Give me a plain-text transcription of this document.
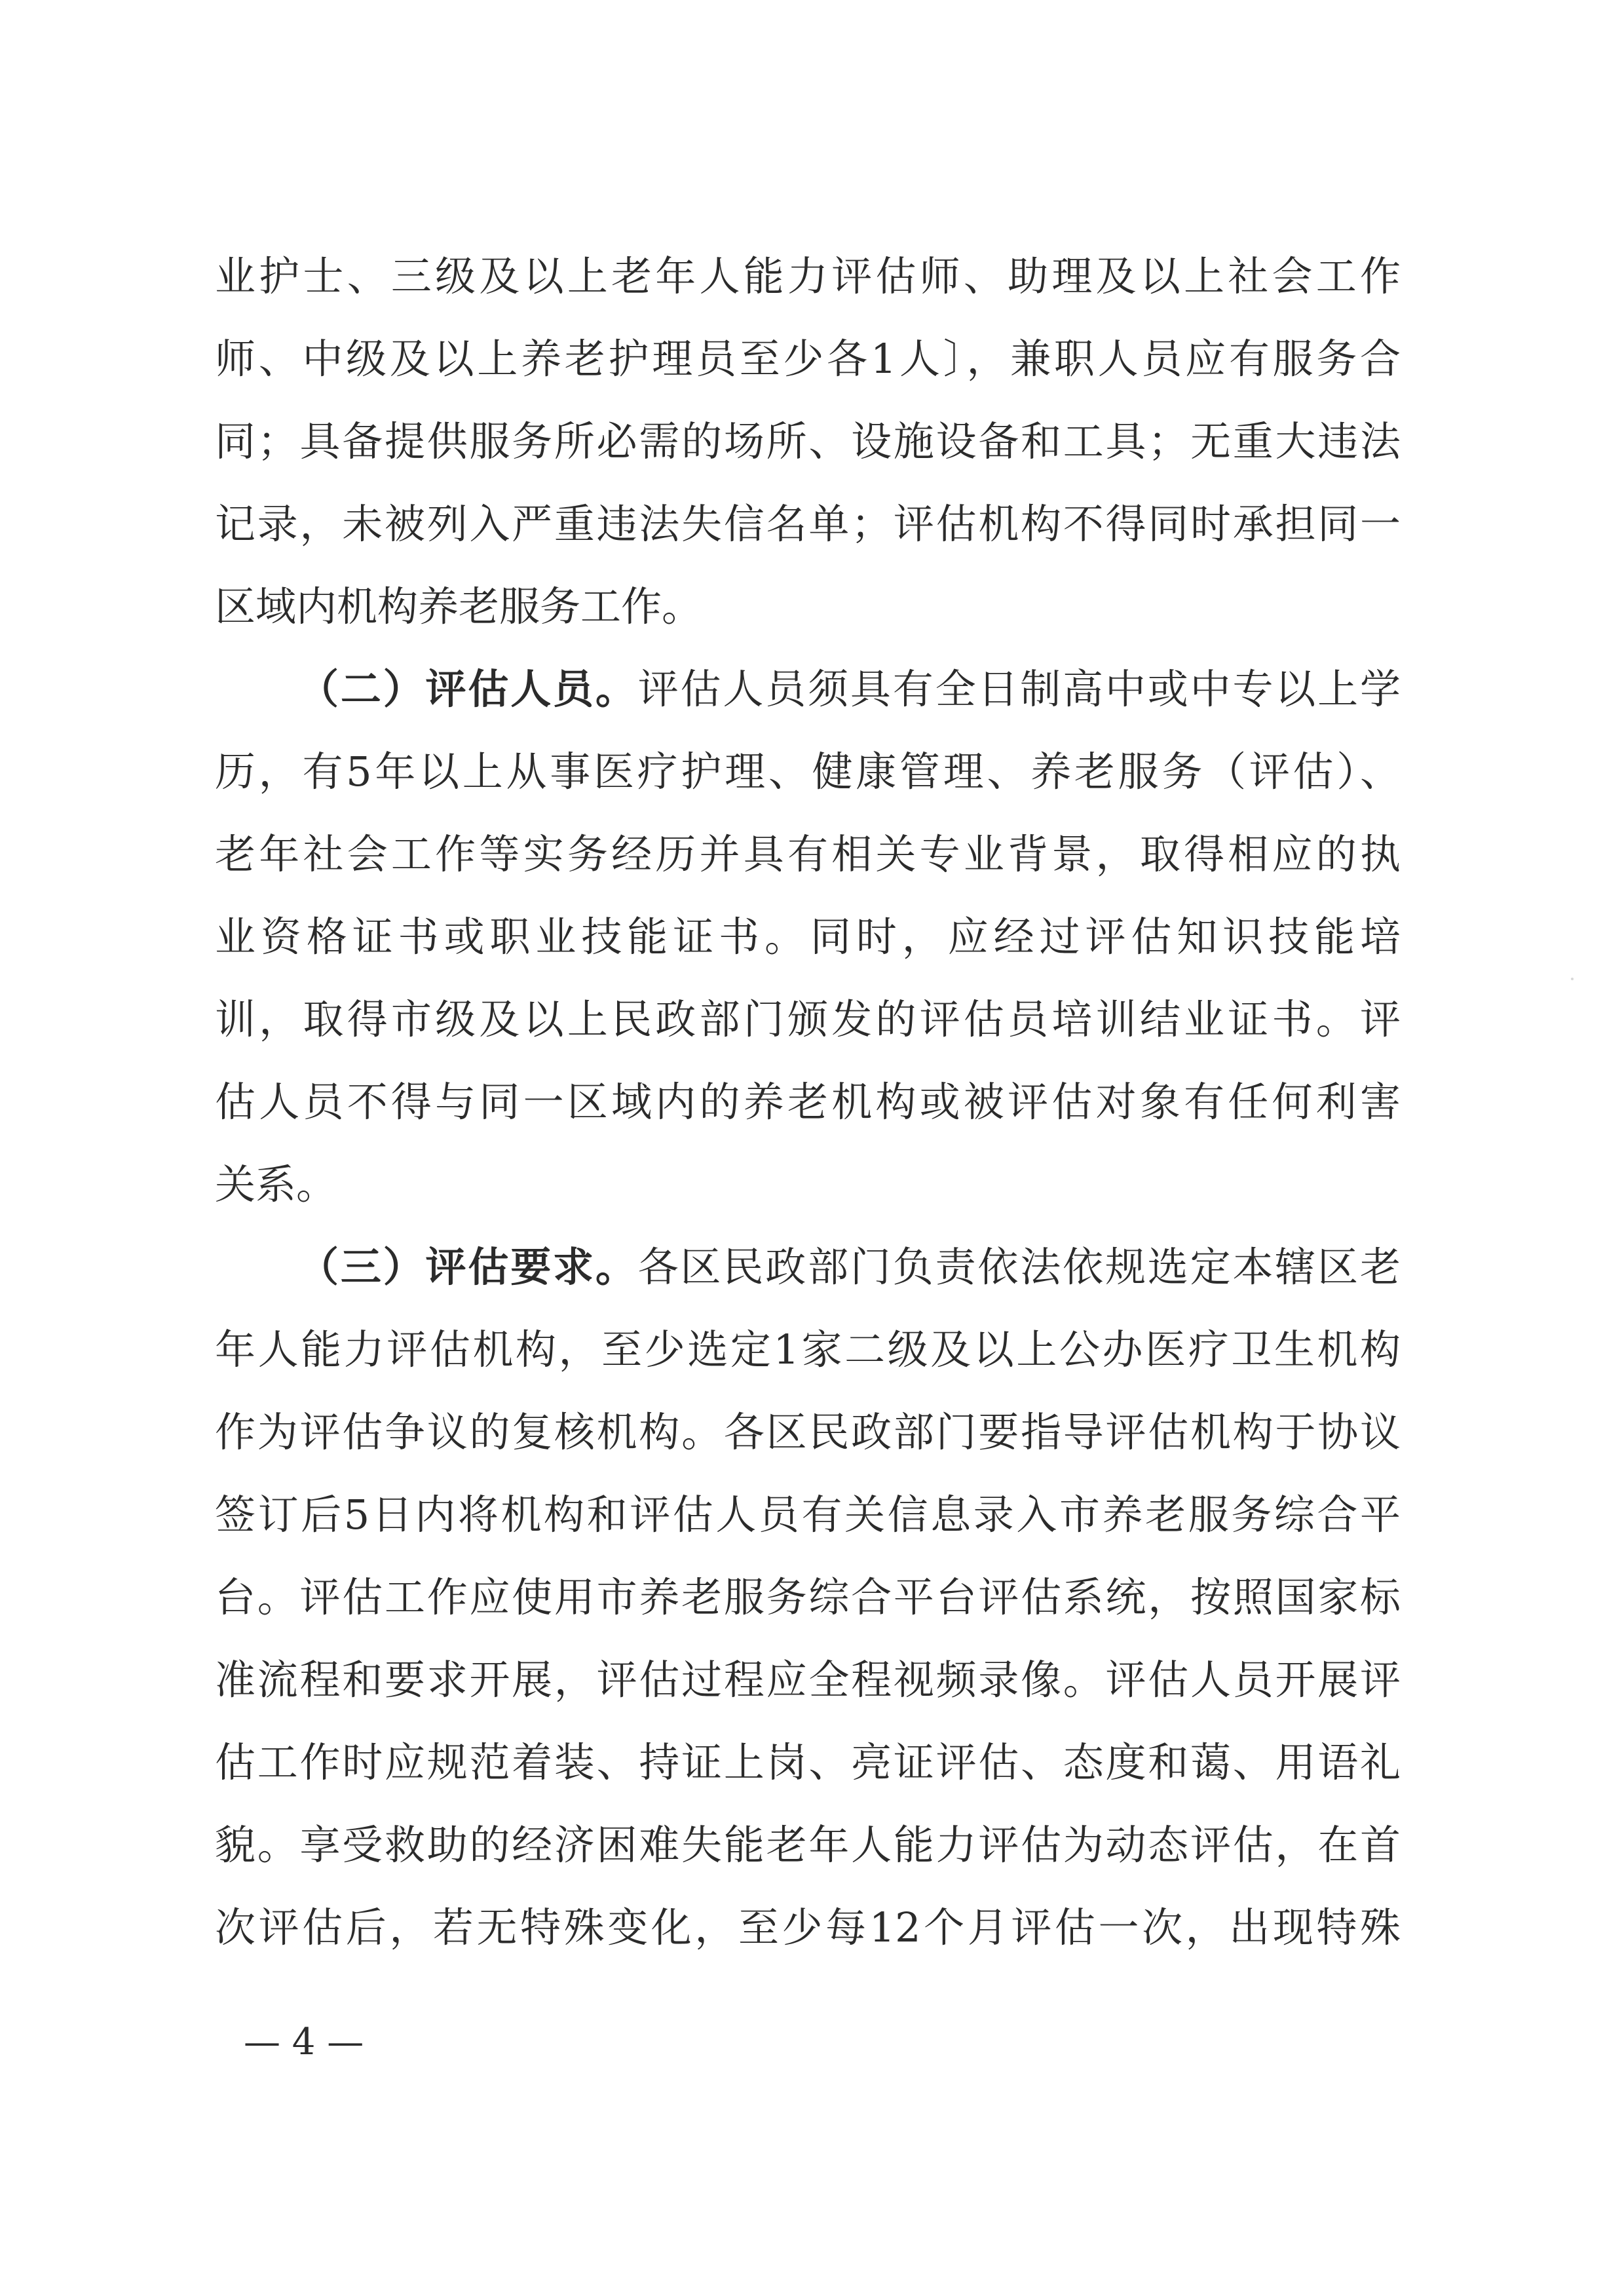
业护士、三级及以上老年人能力评估师、助理及以上社会工作
师、中级及以上养老护理员至少各1人〕，兼职人员应有服务合
同；具备提供服务所必需的场所、设施设备和工具；无重大违法
记录，未被列入严重违法失信名单；评估机构不得同时承担同一
区域内机构养老服务工作。
（二）评估人员。评估人员须具有全日制高中或中专以上学
历，有5年以上从事医疗护理、健康管理、养老服务（评估）、
老年社会工作等实务经历并具有相关专业背景，取得相应的执
业资格证书或职业技能证书。同时，应经过评估知识技能培
训，取得市级及以上民政部门颁发的评估员培训结业证书。评
估人员不得与同一区域内的养老机构或被评估对象有任何利害
关系。
（三）评估要求。各区民政部门负责依法依规选定本辖区老
年人能力评估机构，至少选定1家二级及以上公办医疗卫生机构
作为评估争议的复核机构。各区民政部门要指导评估机构于协议
签订后5日内将机构和评估人员有关信息录入市养老服务综合平
台。评估工作应使用市养老服务综合平台评估系统，按照国家标
准流程和要求开展，评估过程应全程视频录像。评估人员开展评
估工作时应规范着装、持证上岗、亮证评估、态度和蔼、用语礼
貌。享受救助的经济困难失能老年人能力评估为动态评估，在首
次评估后，若无特殊变化，至少每12个月评估一次，出现特殊
— 4 —
